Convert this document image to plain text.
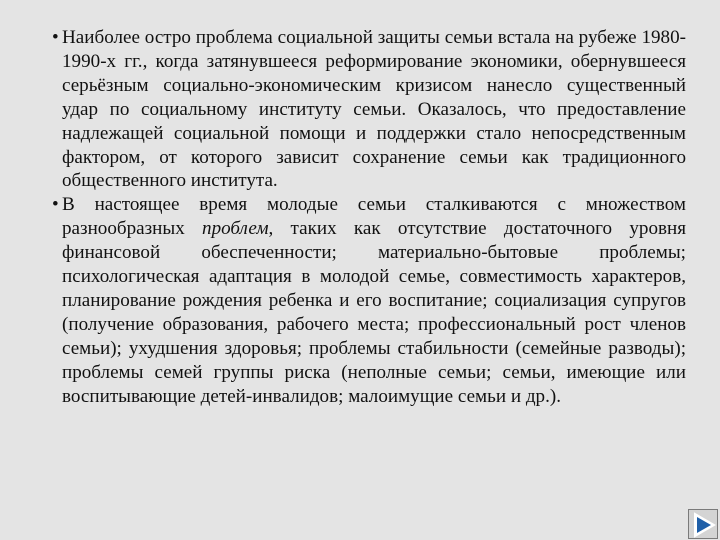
• Наиболее остро проблема социальной защиты семьи встала на рубеже 1980-1990-х гг., когда затянувшееся реформирование экономики, обернувшееся серьёзным социально-экономическим кризисом нанесло существенный удар по социальному институту семьи. Оказалось, что предоставление надлежащей социальной помощи и поддержки стало непосредственным фактором, от которого зависит сохранение семьи как традиционного общественного института.

• В настоящее время молодые семьи сталкиваются с множеством разнообразных проблем, таких как отсутствие достаточного уровня финансовой обеспеченности; материально-бытовые проблемы; психологическая адаптация в молодой семье, совместимость характеров, планирование рождения ребенка и его воспитание; социализация супругов (получение образования, рабочего места; профессиональный рост членов семьи); ухудшения здоровья; проблемы стабильности (семейные разводы); проблемы семей группы риска (неполные семьи; семьи, имеющие или воспитывающие детей-инвалидов; малоимущие семьи и др.).
